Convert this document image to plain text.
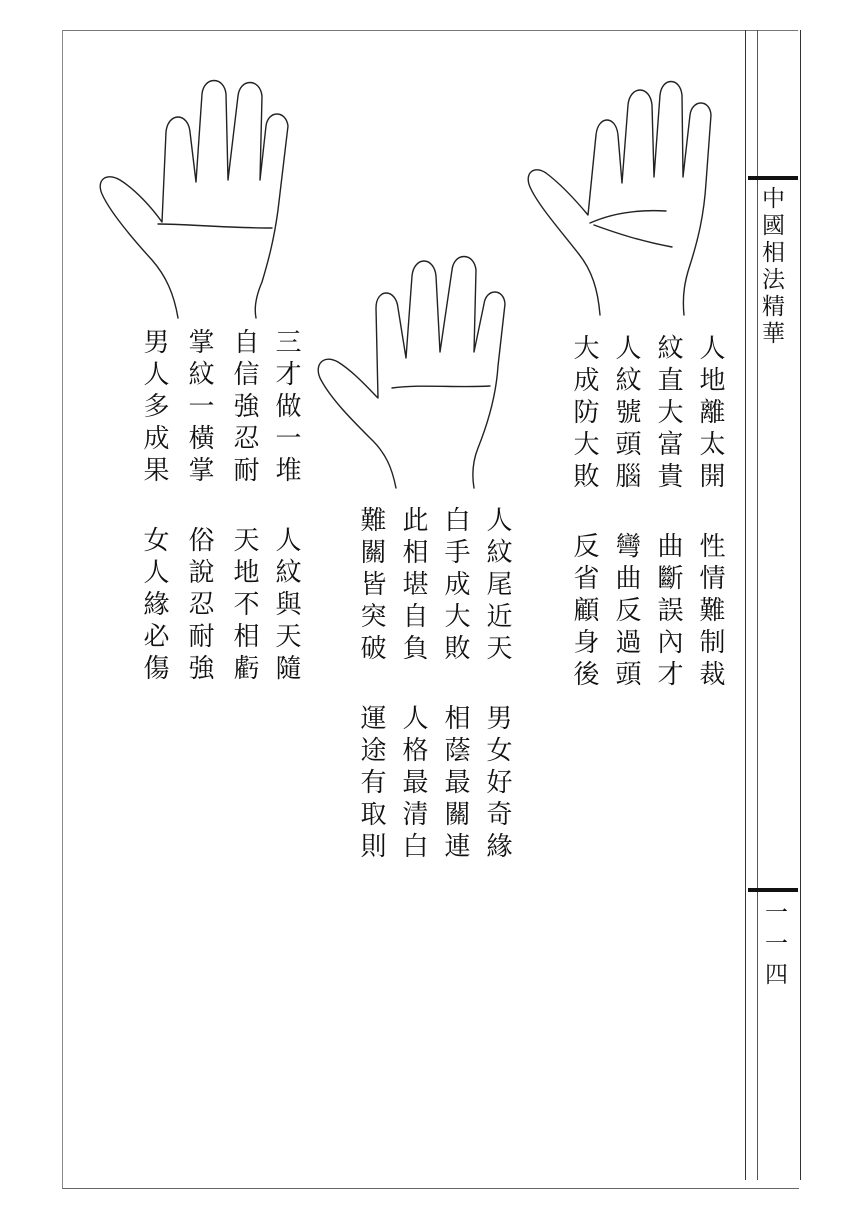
中國相法精華
一一四
人地離太開
紋直大富貴
人紋號頭腦
大成防大敗
性情難制裁
曲斷誤內才
彎曲反過頭
反省顧身後
人紋尾近天
白手成大敗
此相堪自負
難關皆突破
男女好奇緣
相蔭最關連
人格最清白
運途有取則
三才做一堆
自信強忍耐
掌紋一橫掌
男人多成果
人紋與天隨
天地不相虧
俗說忍耐強
女人緣必傷
